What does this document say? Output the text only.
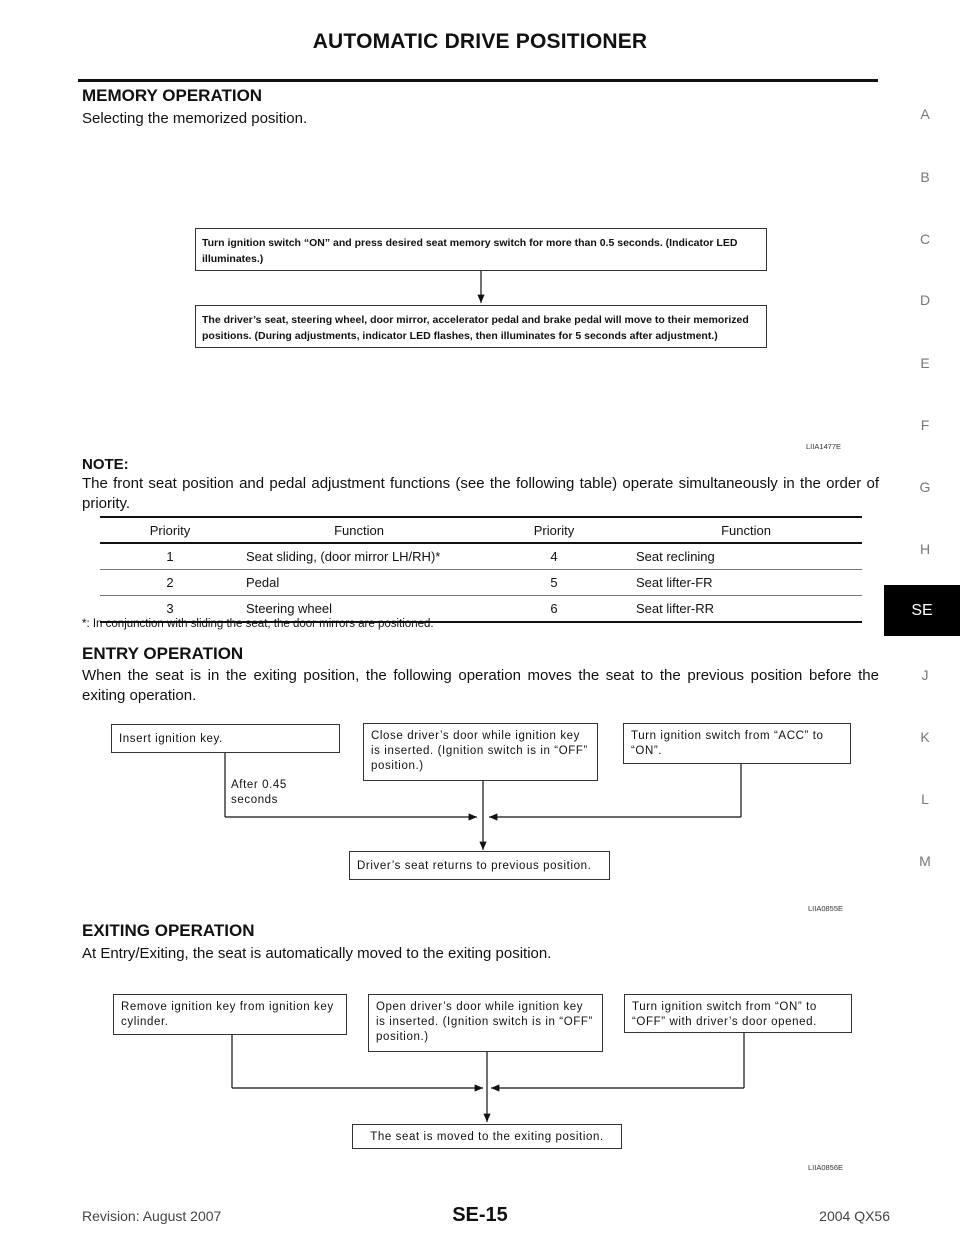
AUTOMATIC DRIVE POSITIONER
A
B
C
D
E
F
G
H
SE
J
K
L
M
MEMORY OPERATION
Selecting the memorized position.
Turn ignition switch “ON” and press desired seat memory switch for more than 0.5 seconds. (Indicator LED illuminates.)
The driver’s seat, steering wheel, door mirror, accelerator pedal and brake pedal will move to their memorized positions. (During adjustments, indicator LED flashes, then illuminates for 5 seconds after adjustment.)
LIIA1477E
NOTE:
The front seat position and pedal adjustment functions (see the following table) operate simultaneously in the order of priority.
Priority	Function	Priority	Function
1	Seat sliding, (door mirror LH/RH)*	4	Seat reclining
2	Pedal	5	Seat lifter-FR
3	Steering wheel	6	Seat lifter-RR
*: In conjunction with sliding the seat, the door mirrors are positioned.
ENTRY OPERATION
When the seat is in the exiting position, the following operation moves the seat to the previous position before the exiting operation.
Insert ignition key.	Close driver’s door while ignition key is inserted. (Ignition switch is in “OFF” position.)
Turn ignition switch from “ACC” to “ON”.
After 0.45 seconds
Driver’s seat returns to previous position.
LIIA0855E
EXITING OPERATION
At Entry/Exiting, the seat is automatically moved to the exiting position.
Remove ignition key from ignition key cylinder.
Open driver’s door while ignition key is inserted. (Ignition switch is in “OFF” position.)
Turn ignition switch from “ON” to “OFF” with driver’s door opened.
The seat is moved to the exiting position.
LIIA0856E
Revision: August 2007	SE-15	2004 QX56
